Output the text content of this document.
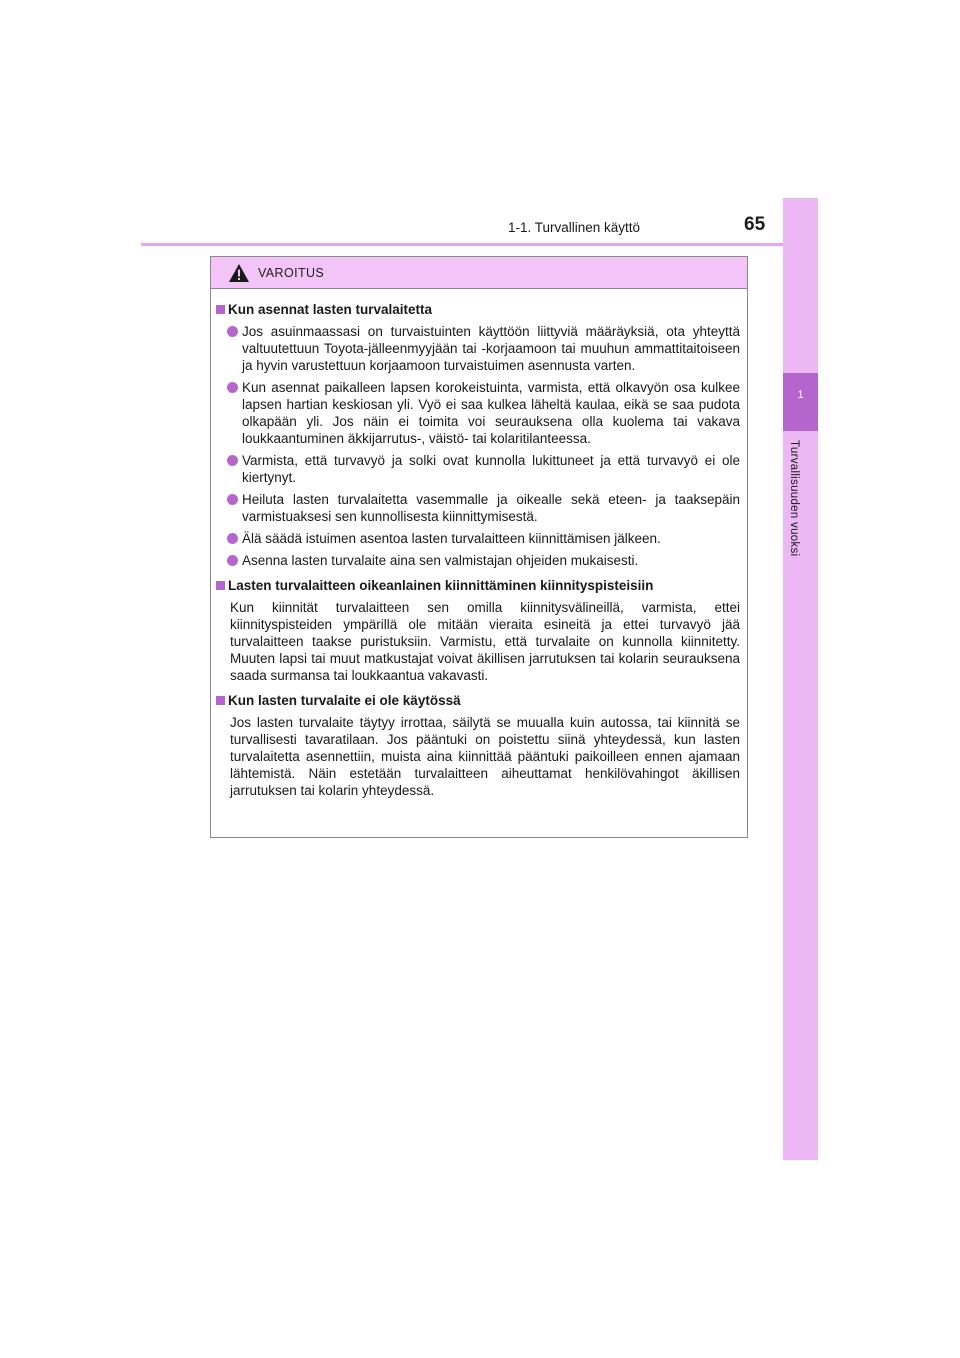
1-1. Turvallinen käyttö	65
1
Turvallisuuden vuoksi
VAROITUS
Kun asennat lasten turvalaitetta
Jos asuinmaassasi on turvaistuinten käyttöön liittyviä määräyksiä, ota yhteyttä valtuutettuun Toyota-jälleenmyyjään tai -korjaamoon tai muuhun ammattitaitoiseen ja hyvin varustettuun korjaamoon turvaistuimen asennusta varten.
Kun asennat paikalleen lapsen korokeistuinta, varmista, että olkavyön osa kulkee lapsen hartian keskiosan yli. Vyö ei saa kulkea läheltä kaulaa, eikä se saa pudota olkapään yli. Jos näin ei toimita voi seurauksena olla kuolema tai vakava loukkaantuminen äkkijarrutus-, väistö- tai kolaritilanteessa.
Varmista, että turvavyö ja solki ovat kunnolla lukittuneet ja että turvavyö ei ole kiertynyt.
Heiluta lasten turvalaitetta vasemmalle ja oikealle sekä eteen- ja taaksepäin varmistuaksesi sen kunnollisesta kiinnittymisestä.
Älä säädä istuimen asentoa lasten turvalaitteen kiinnittämisen jälkeen.
Asenna lasten turvalaite aina sen valmistajan ohjeiden mukaisesti.
Lasten turvalaitteen oikeanlainen kiinnittäminen kiinnityspisteisiin
Kun kiinnität turvalaitteen sen omilla kiinnitysvälineillä, varmista, ettei kiinnityspisteiden ympärillä ole mitään vieraita esineitä ja ettei turvavyö jää turvalaitteen taakse puristuksiin. Varmistu, että turvalaite on kunnolla kiinnitetty. Muuten lapsi tai muut matkustajat voivat äkillisen jarrutuksen tai kolarin seurauksena saada surmansa tai loukkaantua vakavasti.
Kun lasten turvalaite ei ole käytössä
Jos lasten turvalaite täytyy irrottaa, säilytä se muualla kuin autossa, tai kiinnitä se turvallisesti tavaratilaan. Jos pääntuki on poistettu siinä yhteydessä, kun lasten turvalaitetta asennettiin, muista aina kiinnittää pääntuki paikoilleen ennen ajamaan lähtemistä. Näin estetään turvalaitteen aiheuttamat henkilövahingot äkillisen jarrutuksen tai kolarin yhteydessä.
